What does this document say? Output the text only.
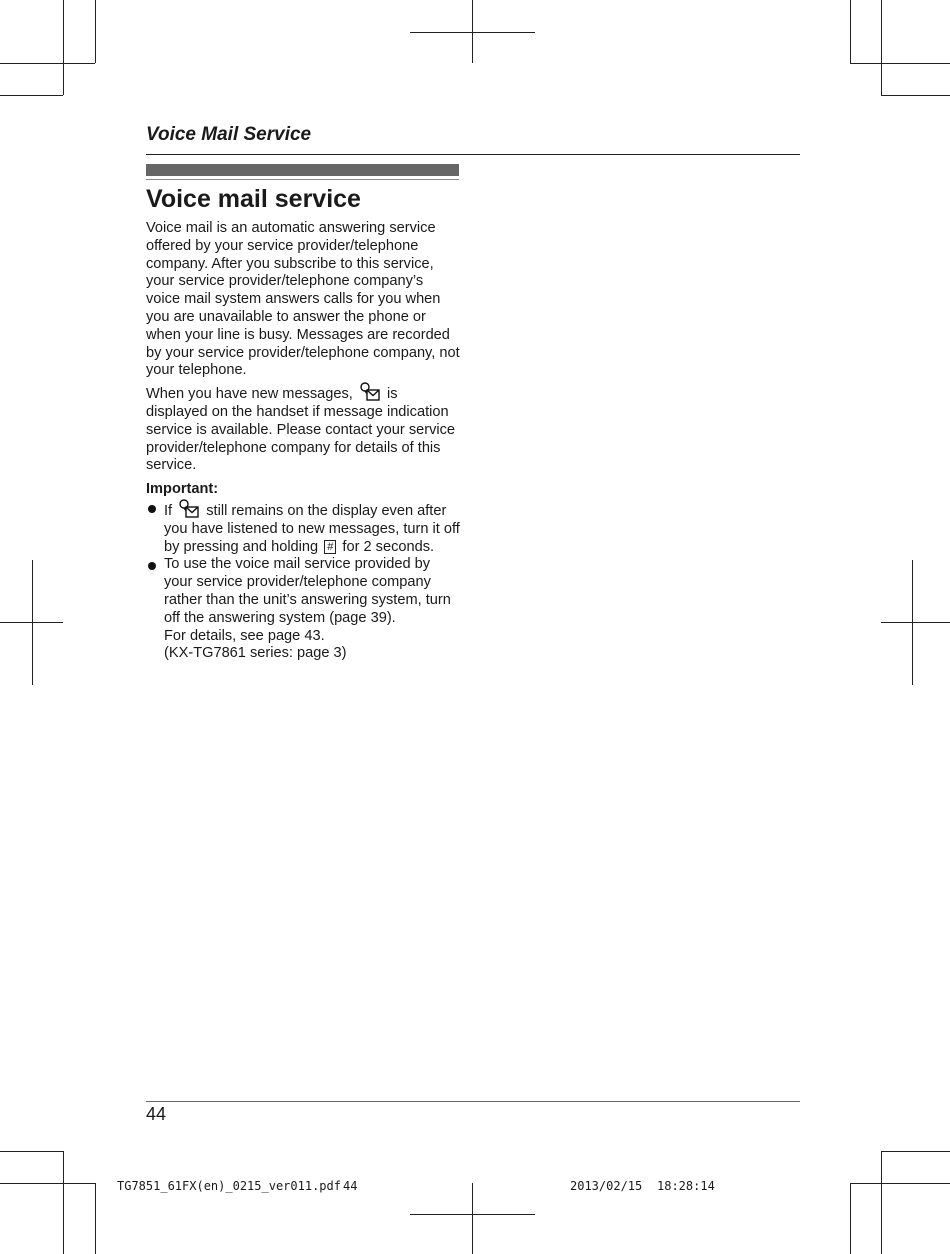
Voice Mail Service
Voice mail service

Voice mail is an automatic answering service offered by your service provider/telephone company. After you subscribe to this service, your service provider/telephone company’s voice mail system answers calls for you when you are unavailable to answer the phone or when your line is busy. Messages are recorded by your service provider/telephone company, not your telephone.

When you have new messages, is displayed on the handset if message indication service is available. Please contact your service provider/telephone company for details of this service.

Important:

If still remains on the display even after you have listened to new messages, turn it off by pressing and holding # for 2 seconds.
To use the voice mail service provided by your service provider/telephone company rather than the unit’s answering system, turn off the answering system (page 39).
For details, see page 43.
(KX-TG7861 series: page 3)
44
TG7851_61FX(en)_0215_ver011.pdf 44	2013/02/15 18:28:14
